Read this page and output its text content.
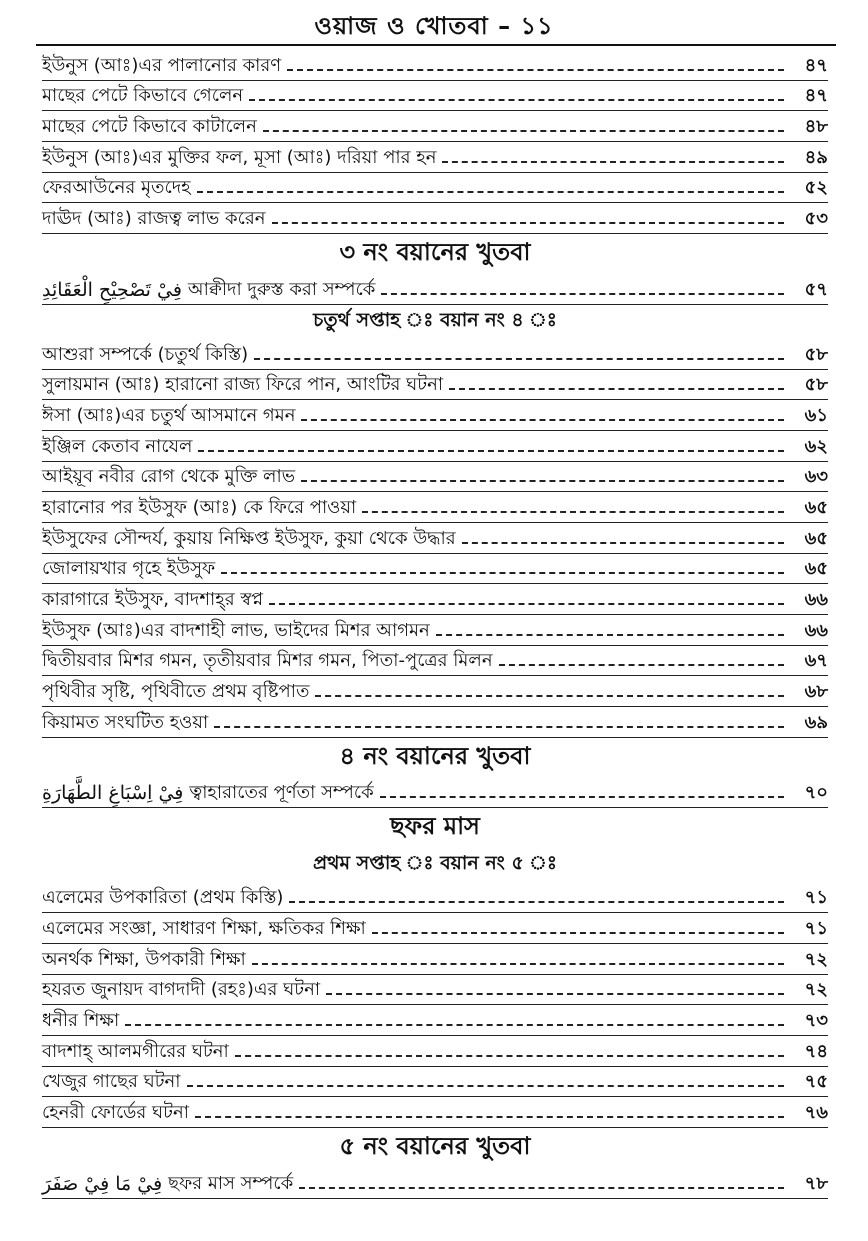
ওয়াজ ও খোতবা – ১১
ইউনুস (আঃ)এর পালানোর কারণ	৪৭
মাছের পেটে কিভাবে গেলেন	৪৭
মাছের পেটে কিভাবে কাটালেন	৪৮
ইউনুস (আঃ)এর মুক্তির ফল, মূসা (আঃ) দরিয়া পার হন	৪৯
ফেরআউনের মৃতদেহ	৫২
দাঊদ (আঃ) রাজত্ব লাভ করেন	৫৩
৩ নং বয়ানের খুতবা
فِيْ تَصْحِيْحِ الْعَقَائِدِ আক্বীদা দুরুস্ত করা সম্পর্কে	৫৭
চতুর্থ সপ্তাহ ঃ বয়ান নং ৪ ঃ
আশুরা সম্পর্কে (চতুর্থ কিস্তি)	৫৮
সুলায়মান (আঃ) হারানো রাজ্য ফিরে পান, আংটির ঘটনা	৫৮
ঈসা (আঃ)এর চতুর্থ আসমানে গমন	৬১
ইঞ্জিল কেতাব নাযেল	৬২
আইয়ূব নবীর রোগ থেকে মুক্তি লাভ	৬৩
হারানোর পর ইউসুফ (আঃ) কে ফিরে পাওয়া	৬৫
ইউসুফের সৌন্দর্য, কুয়ায় নিক্ষিপ্ত ইউসুফ, কুয়া থেকে উদ্ধার	৬৫
জোলায়খার গৃহে ইউসুফ	৬৫
কারাগারে ইউসুফ, বাদশাহ্‌র স্বপ্ন	৬৬
ইউসুফ (আঃ)এর বাদশাহী লাভ, ভাইদের মিশর আগমন	৬৬
দ্বিতীয়বার মিশর গমন, তৃতীয়বার মিশর গমন, পিতা-পুত্রের মিলন	৬৭
পৃথিবীর সৃষ্টি, পৃথিবীতে প্রথম বৃষ্টিপাত	৬৮
কিয়ামত সংঘটিত হওয়া	৬৯
৪ নং বয়ানের খুতবা
فِيْ اِسْبَاغِ الطَّهَارَةِ ত্বাহারাতের পূর্ণতা সম্পর্কে	৭০
ছফর মাস
প্রথম সপ্তাহ ঃ বয়ান নং ৫ ঃ
এলেমের উপকারিতা (প্রথম কিস্তি)	৭১
এলেমের সংজ্ঞা, সাধারণ শিক্ষা, ক্ষতিকর শিক্ষা	৭১
অনর্থক শিক্ষা, উপকারী শিক্ষা	৭২
হযরত জুনায়দ বাগদাদী (রহঃ)এর ঘটনা	৭২
ধনীর শিক্ষা	৭৩
বাদশাহ্‌ আলমগীরের ঘটনা	৭৪
খেজুর গাছের ঘটনা	৭৫
হেনরী ফোর্ডের ঘটনা	৭৬
৫ নং বয়ানের খুতবা
فِيْ مَا فِيْ صَفَرَ ছফর মাস সম্পর্কে	৭৮
